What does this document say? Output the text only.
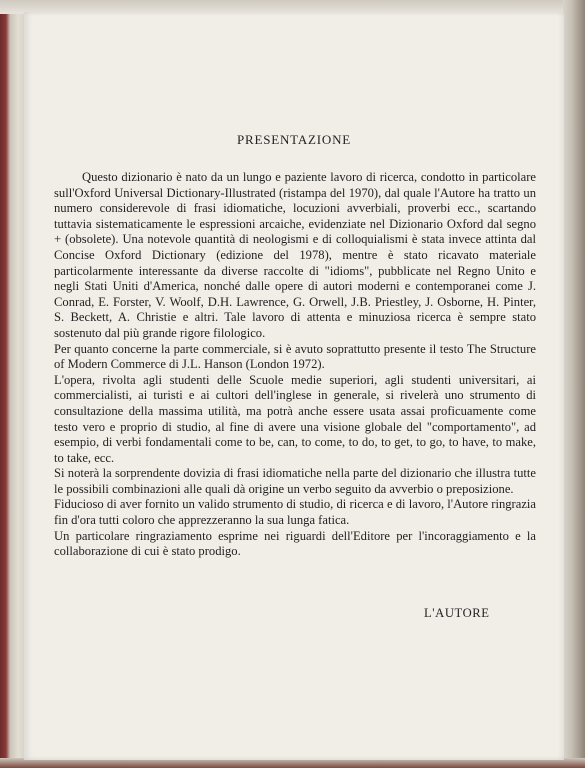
PRESENTAZIONE

Questo dizionario è nato da un lungo e paziente lavoro di ricerca, condotto in particolare sull'Oxford Universal Dictionary-Illustrated (ristampa del 1970), dal quale l'Autore ha tratto un numero considerevole di frasi idiomatiche, locuzioni avverbiali, proverbi ecc., scartando tuttavia sistematicamente le espressioni arcaiche, evidenziate nel Dizionario Oxford dal segno + (obsolete). Una notevole quantità di neologismi e di colloquialismi è stata invece attinta dal Concise Oxford Dictionary (edizione del 1978), mentre è stato ricavato materiale particolarmente interessante da diverse raccolte di "idioms", pubblicate nel Regno Unito e negli Stati Uniti d'America, nonché dalle opere di autori moderni e contemporanei come J. Conrad, E. Forster, V. Woolf, D.H. Lawrence, G. Orwell, J.B. Priestley, J. Osborne, H. Pinter, S. Beckett, A. Christie e altri. Tale lavoro di attenta e minuziosa ricerca è sempre stato sostenuto dal più grande rigore filologico.

Per quanto concerne la parte commerciale, si è avuto soprattutto presente il testo The Structure of Modern Commerce di J.L. Hanson (London 1972).

L'opera, rivolta agli studenti delle Scuole medie superiori, agli studenti universitari, ai commercialisti, ai turisti e ai cultori dell'inglese in generale, si rivelerà uno strumento di consultazione della massima utilità, ma potrà anche essere usata assai proficuamente come testo vero e proprio di studio, al fine di avere una visione globale del "comportamento", ad esempio, di verbi fondamentali come to be, can, to come, to do, to get, to go, to have, to make, to take, ecc.

Si noterà la sorprendente dovizia di frasi idiomatiche nella parte del dizionario che illustra tutte le possibili combinazioni alle quali dà origine un verbo seguito da avverbio o preposizione.

Fiducioso di aver fornito un valido strumento di studio, di ricerca e di lavoro, l'Autore ringrazia fin d'ora tutti coloro che apprezzeranno la sua lunga fatica.

Un particolare ringraziamento esprime nei riguardi dell'Editore per l'incoraggiamento e la collaborazione di cui è stato prodigo.

L'AUTORE
